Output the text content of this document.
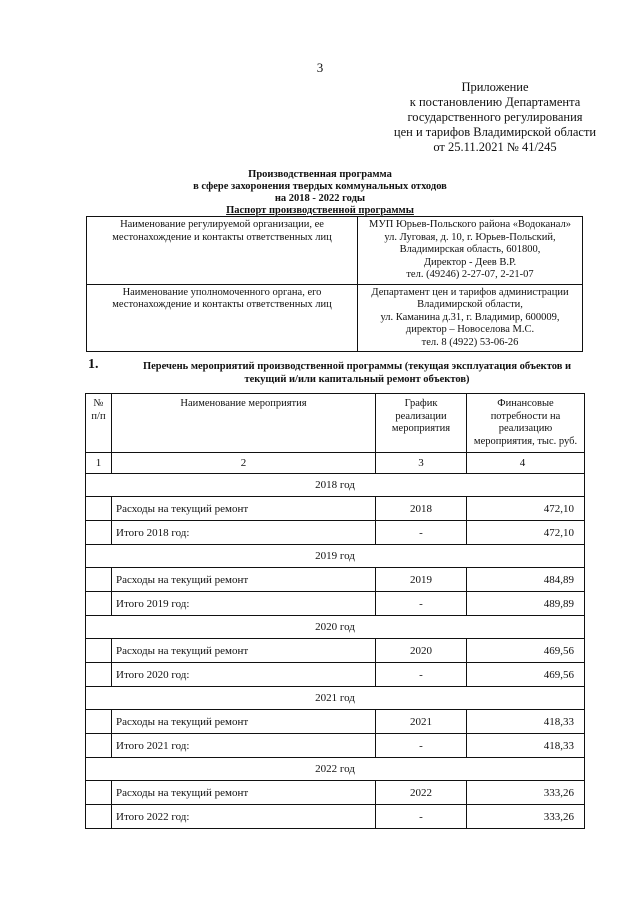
3
Приложение
к постановлению Департамента
государственного регулирования
цен и тарифов Владимирской области
от 25.11.2021 № 41/245
Производственная программа
в сфере захоронения твердых коммунальных отходов
на 2018 - 2022 годы
Паспорт производственной программы
Наименование регулируемой организации, ее местонахождение и контакты ответственных лиц	МУП Юрьев-Польского района «Водоканал»
ул. Луговая, д. 10, г. Юрьев-Польский,
Владимирская область, 601800,
Директор - Деев В.Р.
тел. (49246) 2-27-07, 2-21-07

Наименование уполномоченного органа, его местонахождение и контакты ответственных лиц	Департамент цен и тарифов администрации
Владимирской области,
ул. Каманина д.31, г. Владимир, 600009,
директор – Новоселова М.С.
тел. 8 (4922) 53-06-26
1.	Перечень мероприятий производственной программы (текущая эксплуатация объектов и текущий и/или капитальный ремонт объектов)
№ п/п	Наименование мероприятия	График реализации мероприятия	Финансовые потребности на реализацию мероприятия, тыс. руб.
1	2	3	4
2018 год			
	Расходы на текущий ремонт	2018	472,10
	Итого 2018 год:	-	472,10
2019 год			
	Расходы на текущий ремонт	2019	484,89
	Итого 2019 год:	-	489,89
2020 год			
	Расходы на текущий ремонт	2020	469,56
	Итого 2020 год:	-	469,56
2021 год			
	Расходы на текущий ремонт	2021	418,33
	Итого 2021 год:	-	418,33
2022 год			
	Расходы на текущий ремонт	2022	333,26
	Итого 2022 год:	-	333,26
